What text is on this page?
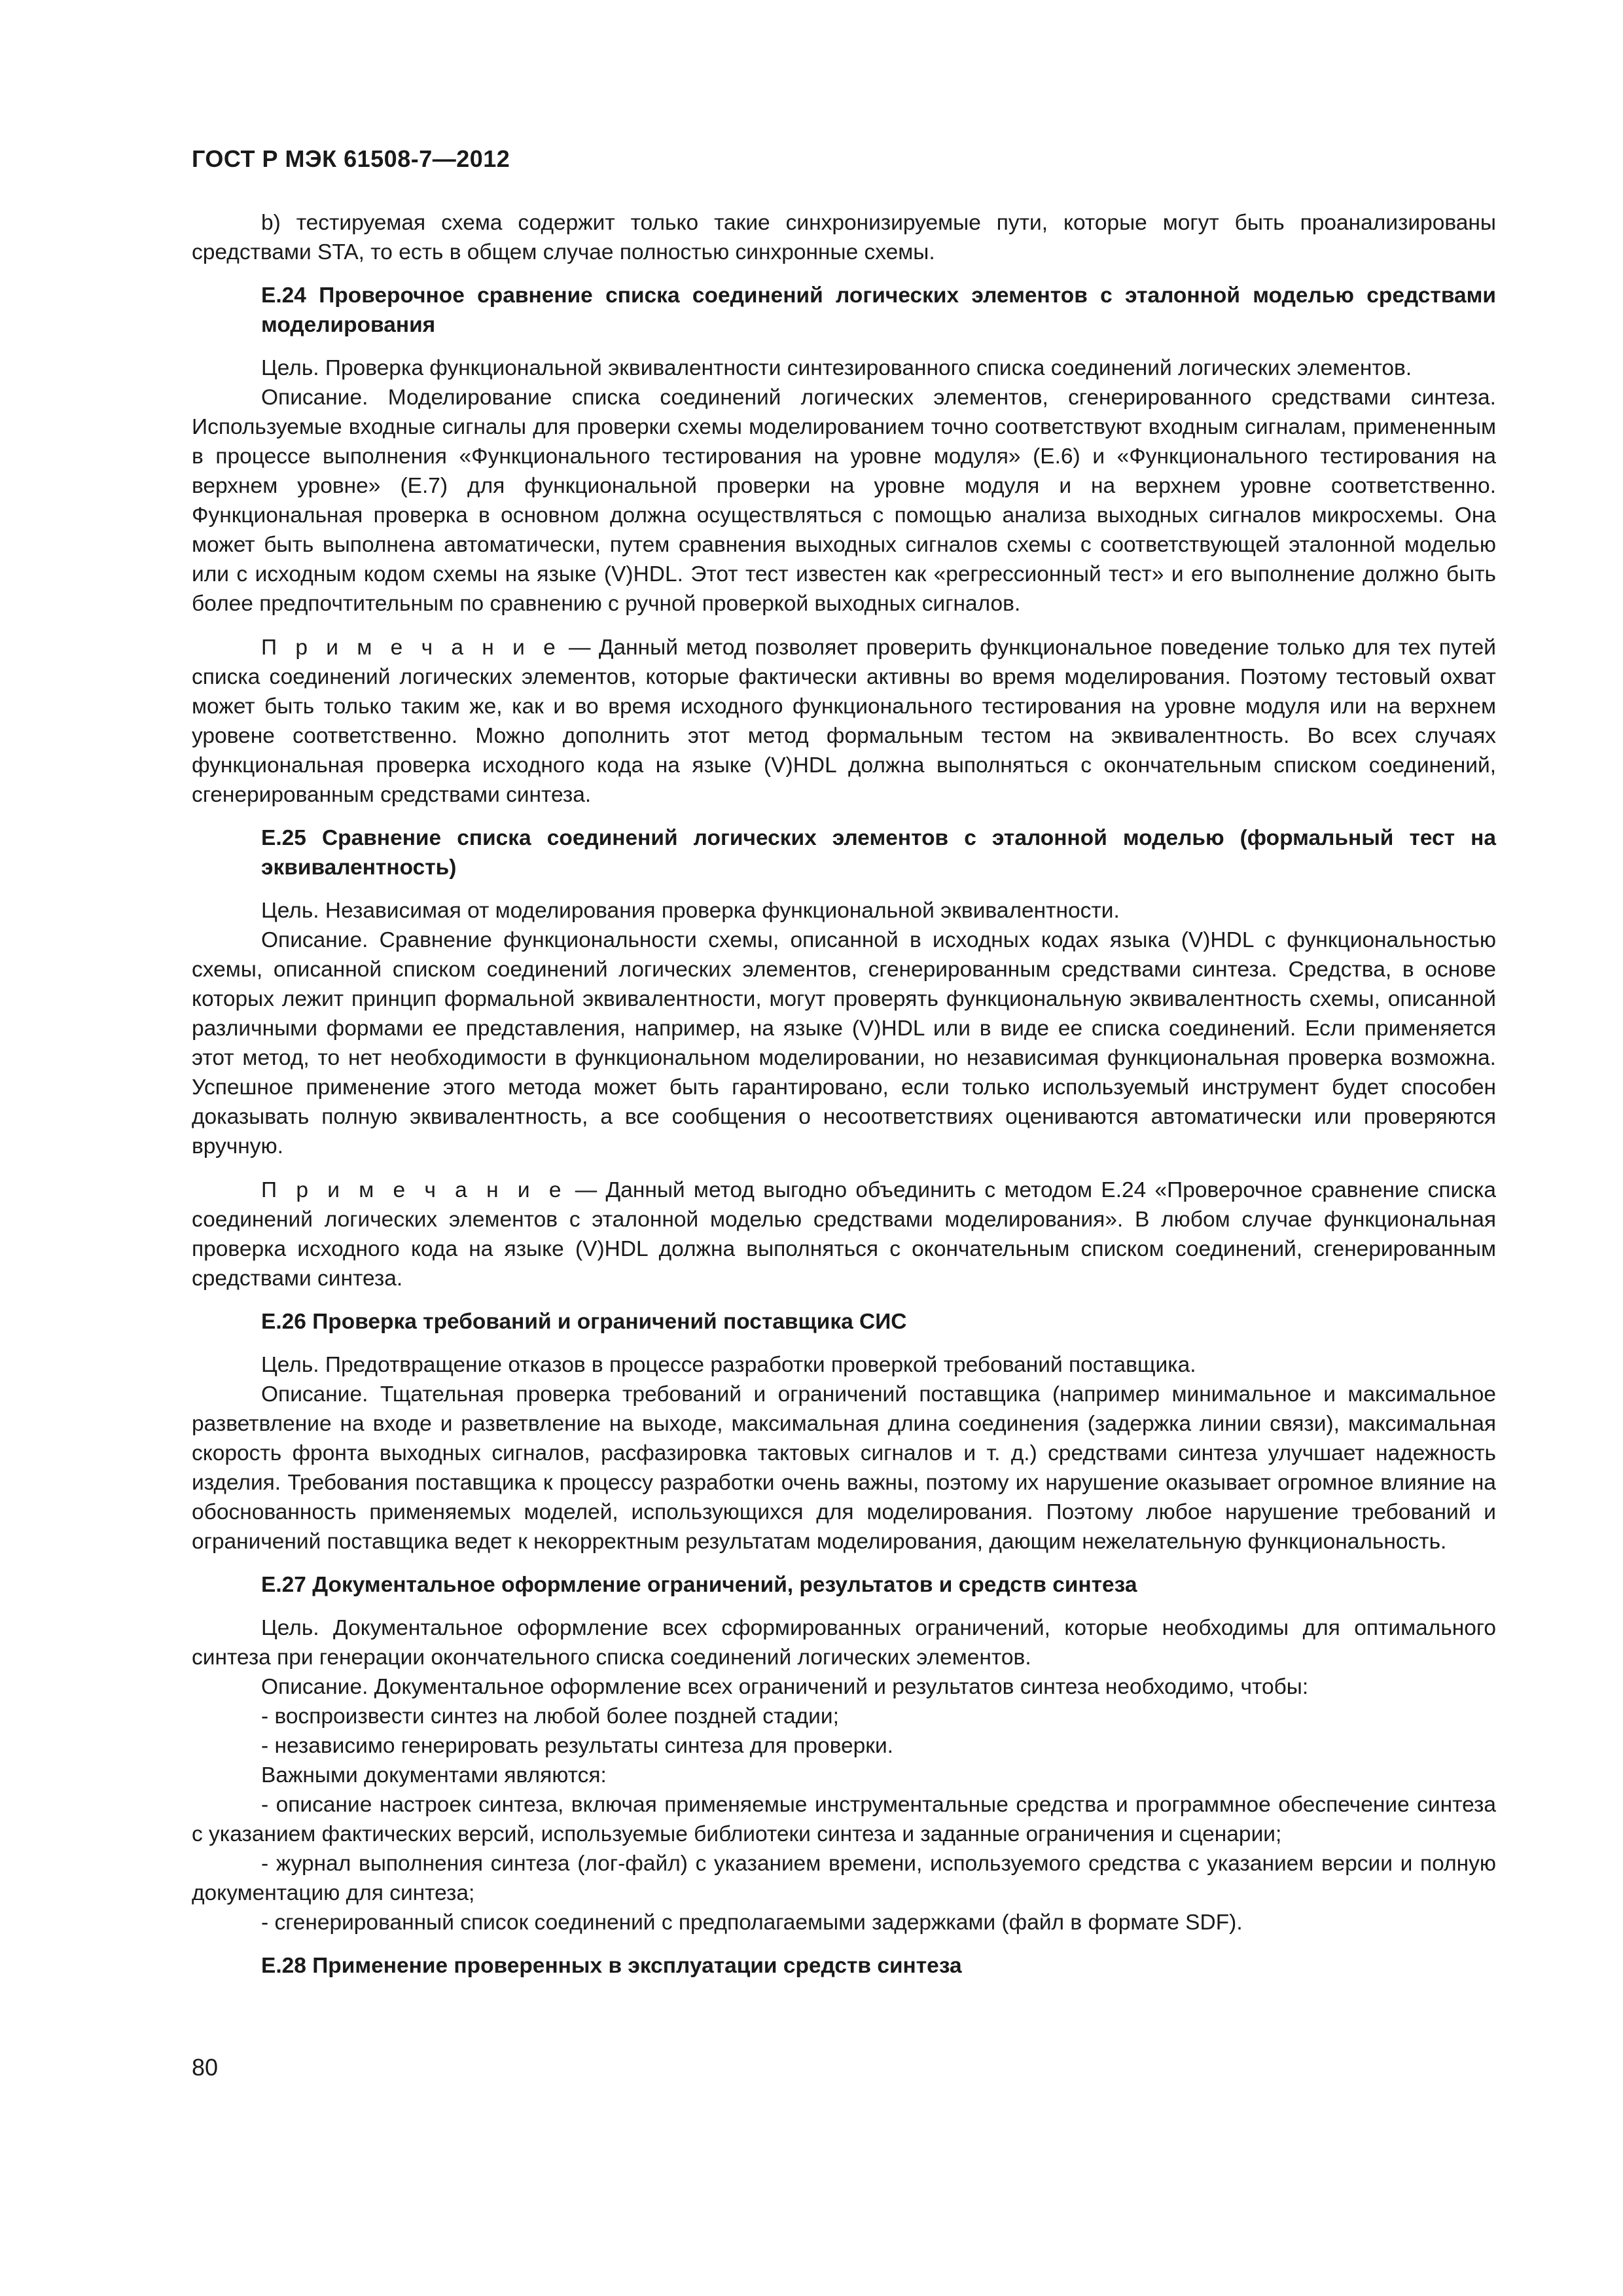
ГОСТ Р МЭК 61508-7—2012

b) тестируемая схема содержит только такие синхронизируемые пути, которые могут быть проанализированы средствами STA, то есть в общем случае полностью синхронные схемы.

Е.24 Проверочное сравнение списка соединений логических элементов с эталонной моделью средствами моделирования

Цель. Проверка функциональной эквивалентности синтезированного списка соединений логических элементов.

Описание. Моделирование списка соединений логических элементов, сгенерированного средствами синтеза. Используемые входные сигналы для проверки схемы моделированием точно соответствуют входным сигналам, примененным в процессе выполнения «Функционального тестирования на уровне модуля» (Е.6) и «Функционального тестирования на верхнем уровне» (Е.7) для функциональной проверки на уровне модуля и на верхнем уровне соответственно. Функциональная проверка в основном должна осуществляться с помощью анализа выходных сигналов микросхемы. Она может быть выполнена автоматически, путем сравнения выходных сигналов схемы с соответствующей эталонной моделью или с исходным кодом схемы на языке (V)HDL. Этот тест известен как «регрессионный тест» и его выполнение должно быть более предпочтительным по сравнению с ручной проверкой выходных сигналов.

П р и м е ч а н и е — Данный метод позволяет проверить функциональное поведение только для тех путей списка соединений логических элементов, которые фактически активны во время моделирования. Поэтому тестовый охват может быть только таким же, как и во время исходного функционального тестирования на уровне модуля или на верхнем уровене соответственно. Можно дополнить этот метод формальным тестом на эквивалентность. Во всех случаях функциональная проверка исходного кода на языке (V)HDL должна выполняться с окончательным списком соединений, сгенерированным средствами синтеза.

Е.25 Сравнение списка соединений логических элементов с эталонной моделью (формальный тест на эквивалентность)

Цель. Независимая от моделирования проверка функциональной эквивалентности.

Описание. Сравнение функциональности схемы, описанной в исходных кодах языка (V)HDL с функциональностью схемы, описанной списком соединений логических элементов, сгенерированным средствами синтеза. Средства, в основе которых лежит принцип формальной эквивалентности, могут проверять функциональную эквивалентность схемы, описанной различными формами ее представления, например, на языке (V)HDL или в виде ее списка соединений. Если применяется этот метод, то нет необходимости в функциональном моделировании, но независимая функциональная проверка возможна. Успешное применение этого метода может быть гарантировано, если только используемый инструмент будет способен доказывать полную эквивалентность, а все сообщения о несоответствиях оцениваются автоматически или проверяются вручную.

П р и м е ч а н и е — Данный метод выгодно объединить с методом Е.24 «Проверочное сравнение списка соединений логических элементов с эталонной моделью средствами моделирования». В любом случае функциональная проверка исходного кода на языке (V)HDL должна выполняться с окончательным списком соединений, сгенерированным средствами синтеза.

Е.26 Проверка требований и ограничений поставщика СИС

Цель. Предотвращение отказов в процессе разработки проверкой требований поставщика.

Описание. Тщательная проверка требований и ограничений поставщика (например минимальное и максимальное разветвление на входе и разветвление на выходе, максимальная длина соединения (задержка линии связи), максимальная скорость фронта выходных сигналов, расфазировка тактовых сигналов и т. д.) средствами синтеза улучшает надежность изделия. Требования поставщика к процессу разработки очень важны, поэтому их нарушение оказывает огромное влияние на обоснованность применяемых моделей, использующихся для моделирования. Поэтому любое нарушение требований и ограничений поставщика ведет к некорректным результатам моделирования, дающим нежелательную функциональность.

Е.27 Документальное оформление ограничений, результатов и средств синтеза

Цель. Документальное оформление всех сформированных ограничений, которые необходимы для оптимального синтеза при генерации окончательного списка соединений логических элементов.

Описание. Документальное оформление всех ограничений и результатов синтеза необходимо, чтобы:

- воспроизвести синтез на любой более поздней стадии;

- независимо генерировать результаты синтеза для проверки.

Важными документами являются:

- описание настроек синтеза, включая применяемые инструментальные средства и программное обеспечение синтеза с указанием фактических версий, используемые библиотеки синтеза и заданные ограничения и сценарии;

- журнал выполнения синтеза (лог-файл) с указанием времени, используемого средства с указанием версии и полную документацию для синтеза;

- сгенерированный список соединений с предполагаемыми задержками (файл в формате SDF).

Е.28 Применение проверенных в эксплуатации средств синтеза

80
